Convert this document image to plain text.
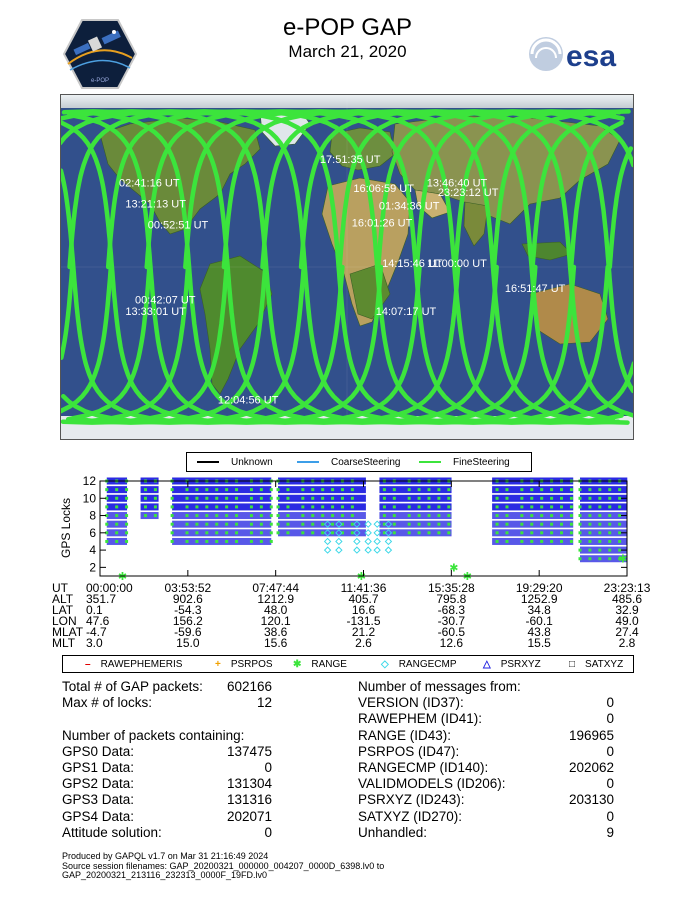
e-POP GAP
March 21, 2020
e-POP
esa
02:41:16 UT
13:21:13 UT
00:52:51 UT
17:51:35 UT
16:06:59 UT 13:46:40 UT
23:23:12 UT
01:34:36 UT
16:01:26 UT
14:15:46 UT
11:00:00 UT
16:51:47 UT
00:42:07 UT
13:33:01 UT	14:07:17 UT
12:04:56 UT
Unknown	CoarseSteering	FineSteering
✱	✱
✱
✱
✱
2
4
6
8
10
12
GPS Locks
UT 00:00:00	03:53:52	07:47:44	11:41:36	15:35:28	19:29:20	23:23:13
ALT 351.7	902.6	1212.9	405.7	795.8	1252.9	485.6
LAT 0.1	-54.3	48.0	16.6	-68.3	34.8	32.9
LON 47.6	156.2	120.1	-131.5	-30.7	-60.1	49.0
MLAT -4.7	-59.6	38.6	21.2	-60.5	43.8	27.4
MLT 3.0	15.0	15.6	2.6	12.6	15.5	2.8
– RAWEPHEMERIS	+ PSRPOS ✱ RANGE	◇ RANGECMP	△ PSRXYZ	□ SATXYZ
Total # of GAP packets: 602166
Max # of locks:	12
Number of packets containing:
GPS0 Data:	137475
GPS1 Data:	0
GPS2 Data:	131304
GPS3 Data:	131316
GPS4 Data:	202071
Attitude solution:	0
Number of messages from:
VERSION (ID37):	0
RAWEPHEM (ID41):	0
RANGE (ID43):	196965
PSRPOS (ID47):	0
RANGECMP (ID140):	202062
VALIDMODELS (ID206):	0
PSRXYZ (ID243):	203130
SATXYZ (ID270):	0
Unhandled:	9
Produced by GAPQL v1.7 on Mar 31 21:16:49 2024
Source session filenames: GAP_20200321_000000_004207_0000D_6398.lv0 to
GAP_20200321_213116_232313_0000F_19FD.lv0
